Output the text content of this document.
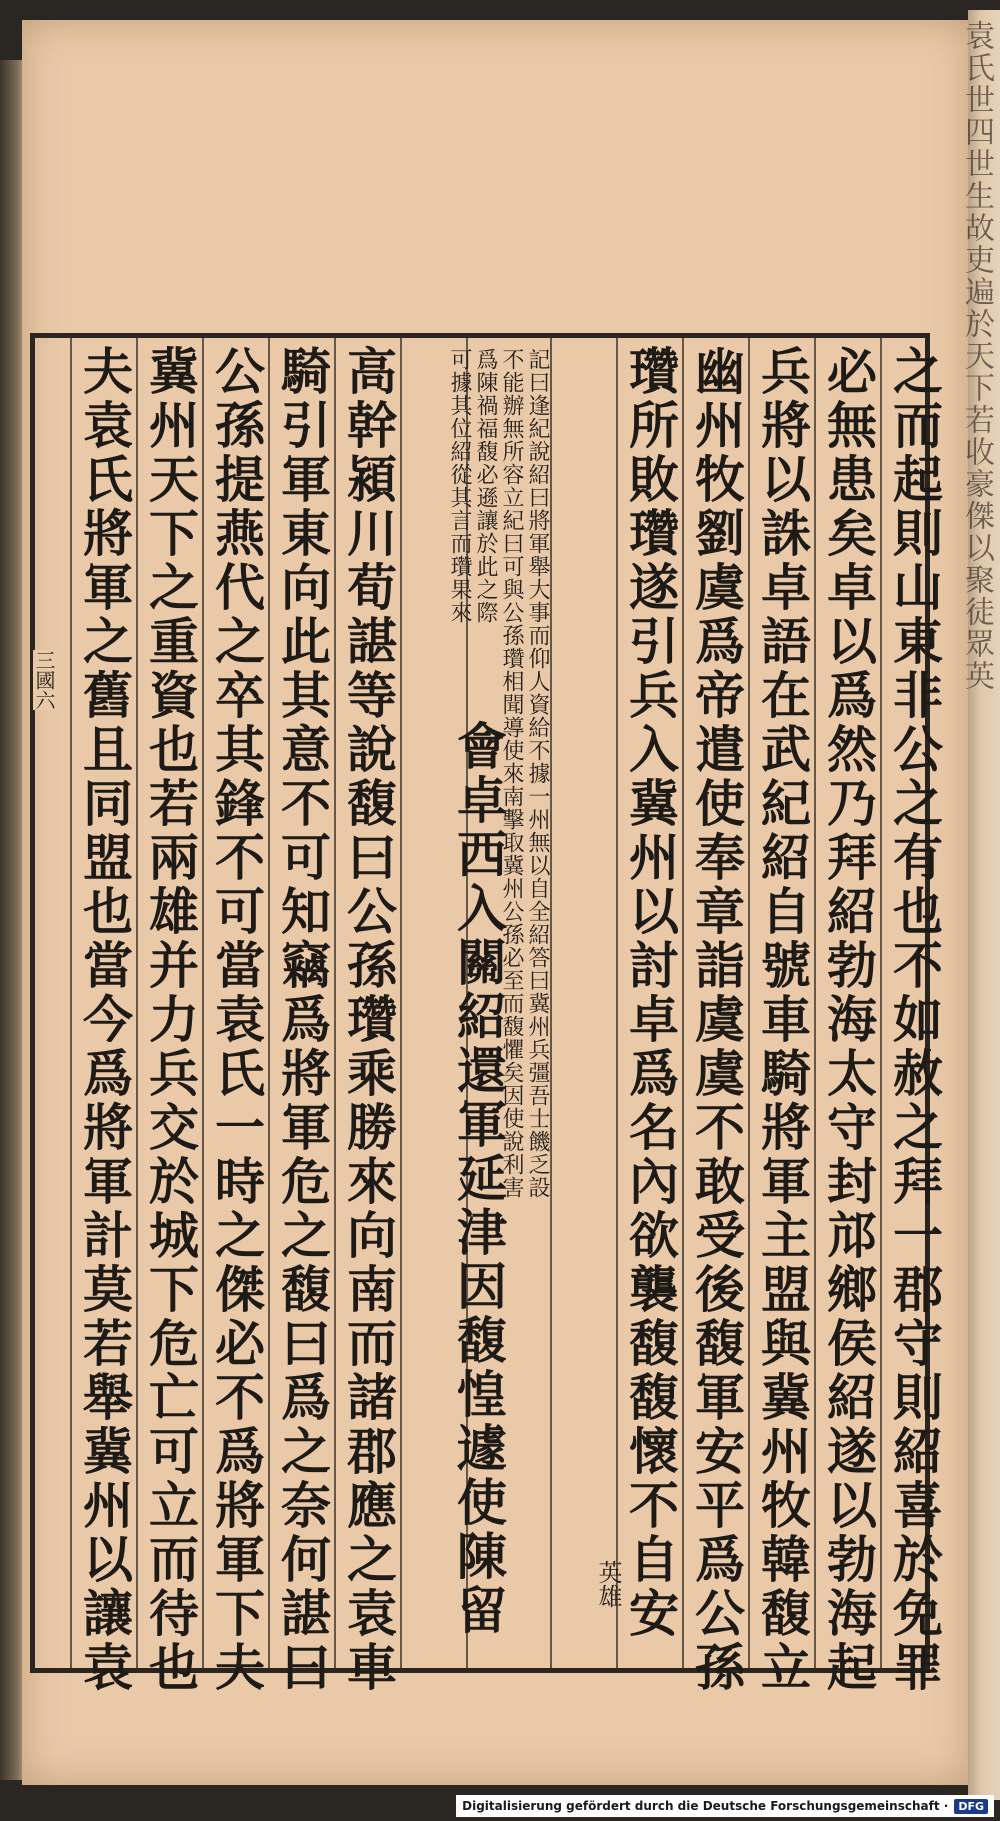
袁氏世四世生故吏遍於天下若收豪傑以聚徒眾英
之而起則山東非公之有也不如赦之拜一郡守則紹喜於免罪
必無患矣卓以爲然乃拜紹勃海太守封邟鄉侯紹遂以勃海起
兵將以誅卓語在武紀紹自號車騎將軍主盟與冀州牧韓馥立
幽州牧劉虞爲帝遣使奉章詣虞虞不敢受後馥軍安平爲公孫
瓚所敗瓚遂引兵入冀州以討卓爲名內欲襲馥馥懷不自安
英雄
記曰逢紀說紹曰將軍舉大事而仰人資給不據一州無以自全紹答曰冀州兵彊吾士饑乏設
不能辦無所容立紀曰可與公孫瓚相聞導使來南擊取冀州公孫必至而馥懼矣因使說利害
爲陳禍福馥必遜讓於此之際
可據其位紹從其言而瓚果來
會卓西入關紹還軍延津因馥惶遽使陳留
高幹潁川荀諶等說馥曰公孫瓚乘勝來向南而諸郡應之袁車
騎引軍東向此其意不可知竊爲將軍危之馥曰爲之奈何諶曰
公孫提燕代之卒其鋒不可當袁氏一時之傑必不爲將軍下夫
冀州天下之重資也若兩雄并力兵交於城下危亡可立而待也
夫袁氏將軍之舊且同盟也當今爲將軍計莫若舉冀州以讓袁
三國六
Digitalisierung gefördert durch die Deutsche Forschungsgemeinschaft · DFG
